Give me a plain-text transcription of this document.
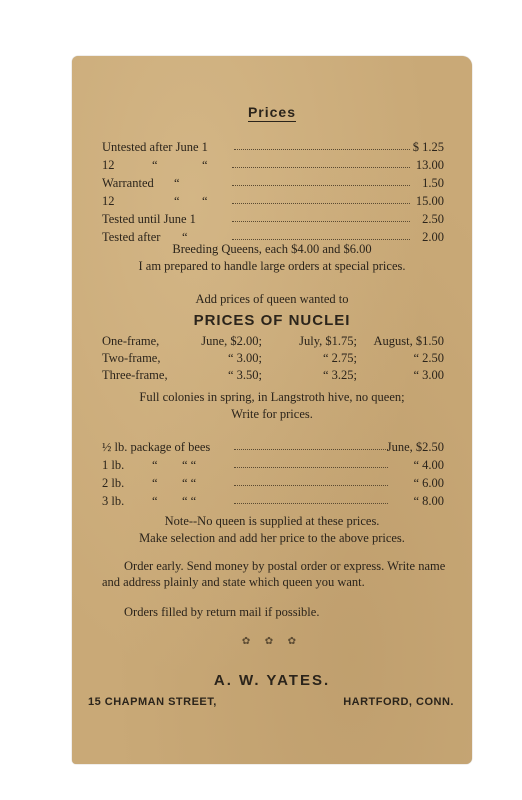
Prices
Untested after June 1	$ 1.25
12	“	“	13.00
Warranted “	1.50
12	“ “	15.00
Tested until June 1	2.50
Tested after “	2.00
Breeding Queens, each $4.00 and $6.00
I am prepared to handle large orders at special prices.
Add prices of queen wanted to
PRICES OF NUCLEI
One-frame,	June, $2.00;	July, $1.75; August, $1.50
Two-frame,	“ 3.00;	“ 2.75;	“ 2.50
Three-frame,	“ 3.50;	“ 3.25;	“ 3.00
Full colonies in spring, in Langstroth hive, no queen;
Write for prices.
½ lb. package of bees	June, $2.50
1 lb. “ “ “	“ 4.00
2 lb. “ “ “	“ 6.00
3 lb. “ “ “	“ 8.00
Note--No queen is supplied at these prices.
Make selection and add her price to the above prices.
Order early. Send money by postal order or express. Write name and address plainly and state which queen you want.
Orders filled by return mail if possible.
✿ ✿ ✿
A. W. YATES.
15 CHAPMAN STREET,	HARTFORD, CONN.
